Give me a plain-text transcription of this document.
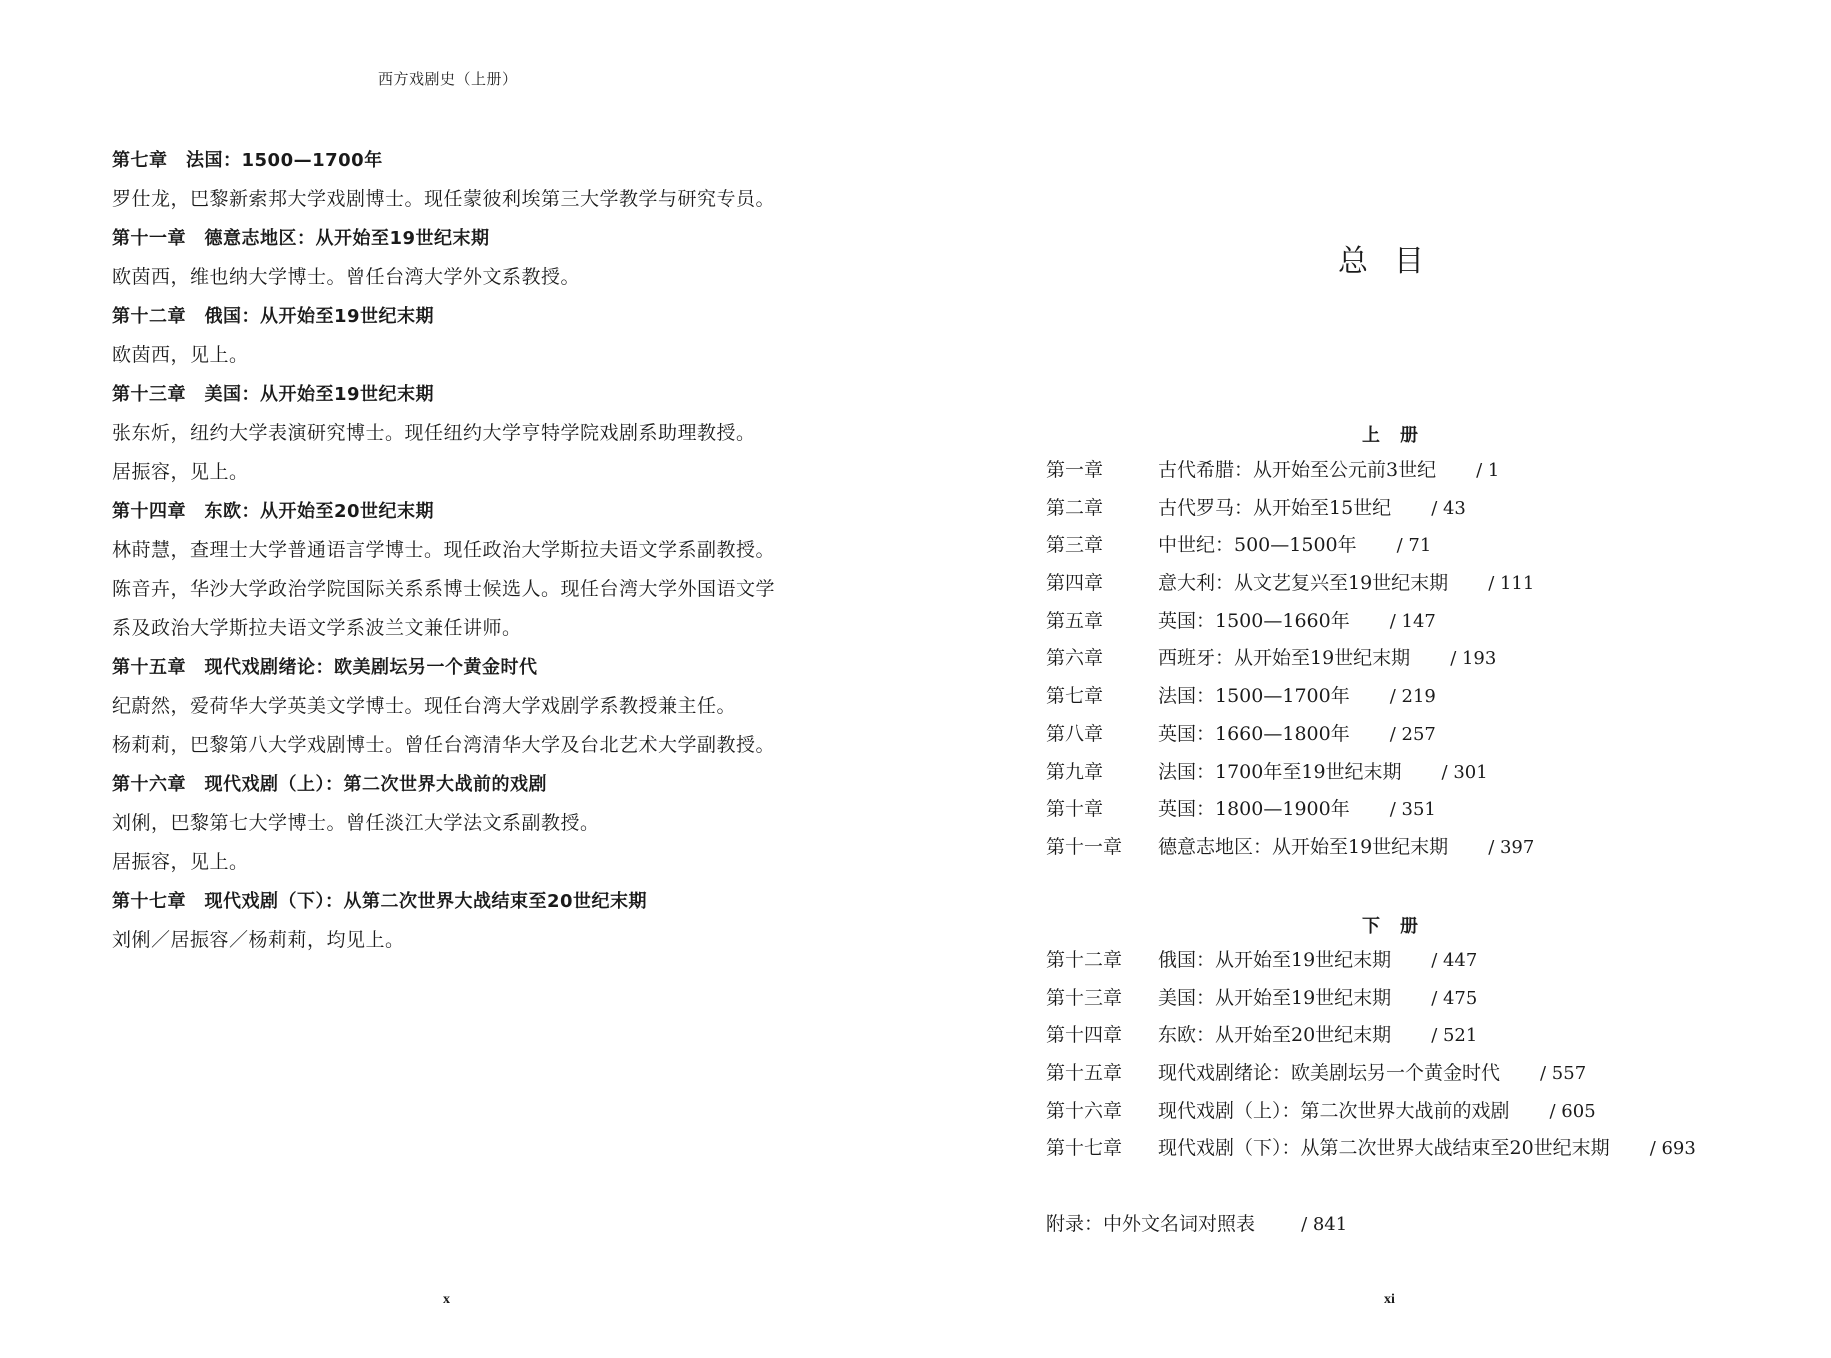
西方戏剧史（上册）
第七章　法国：1500—1700年
罗仕龙，巴黎新索邦大学戏剧博士。现任蒙彼利埃第三大学教学与研究专员。
第十一章　德意志地区：从开始至19世纪末期
欧茵西，维也纳大学博士。曾任台湾大学外文系教授。
第十二章　俄国：从开始至19世纪末期
欧茵西，见上。
第十三章　美国：从开始至19世纪末期
张东炘，纽约大学表演研究博士。现任纽约大学亨特学院戏剧系助理教授。
居振容，见上。
第十四章　东欧：从开始至20世纪末期
林莳慧，查理士大学普通语言学博士。现任政治大学斯拉夫语文学系副教授。
陈音卉，华沙大学政治学院国际关系系博士候选人。现任台湾大学外国语文学系及政治大学斯拉夫语文学系波兰文兼任讲师。
第十五章　现代戏剧绪论：欧美剧坛另一个黄金时代
纪蔚然，爱荷华大学英美文学博士。现任台湾大学戏剧学系教授兼主任。
杨莉莉，巴黎第八大学戏剧博士。曾任台湾清华大学及台北艺术大学副教授。
第十六章　现代戏剧（上）：第二次世界大战前的戏剧
刘俐，巴黎第七大学博士。曾任淡江大学法文系副教授。
居振容，见上。
第十七章　现代戏剧（下）：从第二次世界大战结束至20世纪末期
刘俐／居振容／杨莉莉，均见上。
x
总目
上册
第一章	古代希腊：从开始至公元前3世纪 / 1
第二章	古代罗马：从开始至15世纪 / 43
第三章	中世纪：500—1500年 / 71
第四章	意大利：从文艺复兴至19世纪末期 / 111
第五章	英国：1500—1660年 / 147
第六章	西班牙：从开始至19世纪末期 / 193
第七章	法国：1500—1700年 / 219
第八章	英国：1660—1800年 / 257
第九章	法国：1700年至19世纪末期 / 301
第十章	英国：1800—1900年 / 351
第十一章 德意志地区：从开始至19世纪末期 / 397
下册
第十二章 俄国：从开始至19世纪末期 / 447
第十三章 美国：从开始至19世纪末期 / 475
第十四章 东欧：从开始至20世纪末期 / 521
第十五章 现代戏剧绪论：欧美剧坛另一个黄金时代 / 557
第十六章 现代戏剧（上）：第二次世界大战前的戏剧 / 605
第十七章 现代戏剧（下）：从第二次世界大战结束至20世纪末期 / 693
附录：中外文名词对照表	/ 841
xi
